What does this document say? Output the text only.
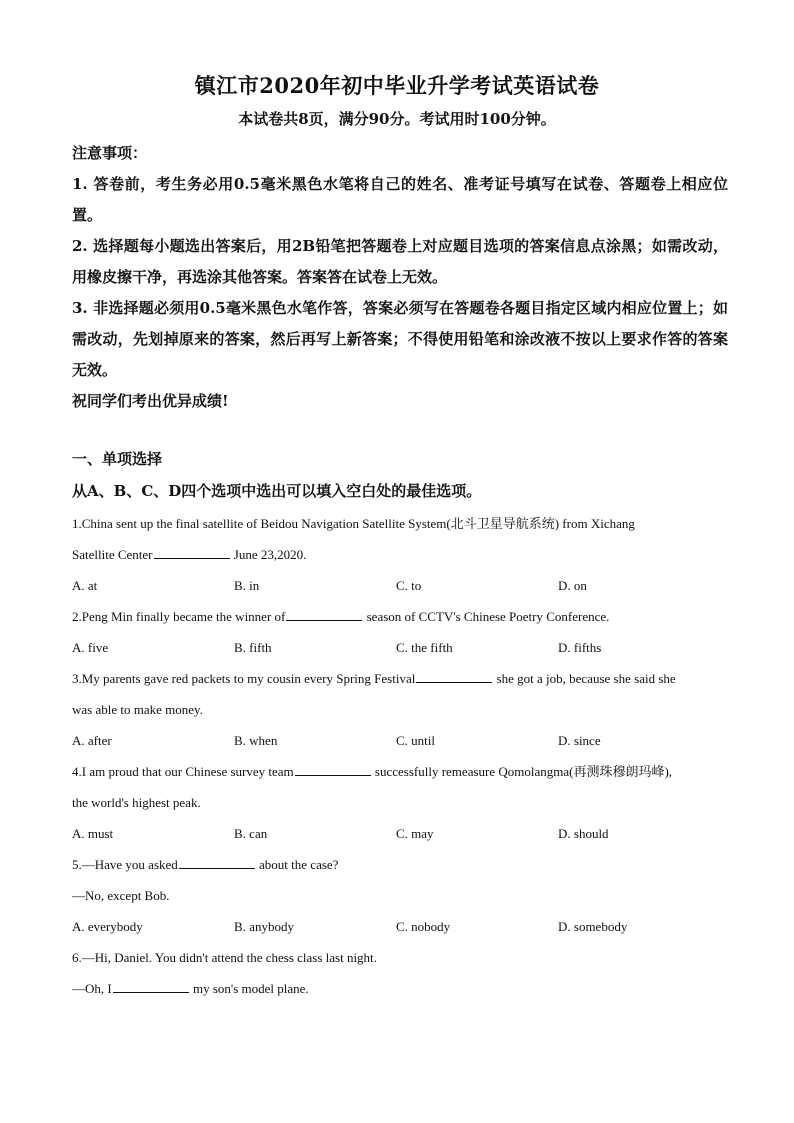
镇江市2020年初中毕业升学考试英语试卷
本试卷共8页，满分90分。考试用时100分钟。

注意事项：

1. 答卷前，考生务必用0.5毫米黑色水笔将自己的姓名、准考证号填写在试卷、答题卷上相应位置。

2. 选择题每小题选出答案后，用2B铅笔把答题卷上对应题目选项的答案信息点涂黑；如需改动，用橡皮擦干净，再选涂其他答案。答案答在试卷上无效。

3. 非选择题必须用0.5毫米黑色水笔作答，答案必须写在答题卷各题目指定区域内相应位置上；如需改动，先划掉原来的答案，然后再写上新答案；不得使用铅笔和涂改液不按以上要求作答的答案无效。

祝同学们考出优异成绩!

一、单项选择
从A、B、C、D四个选项中选出可以填入空白处的最佳选项。
1.China sent up the final satellite of Beidou Navigation Satellite System(北斗卫星导航系统) from Xichang
Satellite Center	June 23,2020.
A. at	B. in	C. to	D. on
2.Peng Min finally became the winner of	season of CCTV's Chinese Poetry Conference.
A. five	B. fifth	C. the fifth	D. fifths
3.My parents gave red packets to my cousin every Spring Festival	she got a job, because she said she
was able to make money.
A. after	B. when	C. until	D. since
4.I am proud that our Chinese survey team	successfully remeasure Qomolangma(再测珠穆朗玛峰),
the world's highest peak.
A. must	B. can	C. may	D. should
5.—Have you asked	about the case?
—No, except Bob.
A. everybody	B. anybody	C. nobody	D. somebody
6.—Hi, Daniel. You didn't attend the chess class last night.
—Oh, I	my son's model plane.
